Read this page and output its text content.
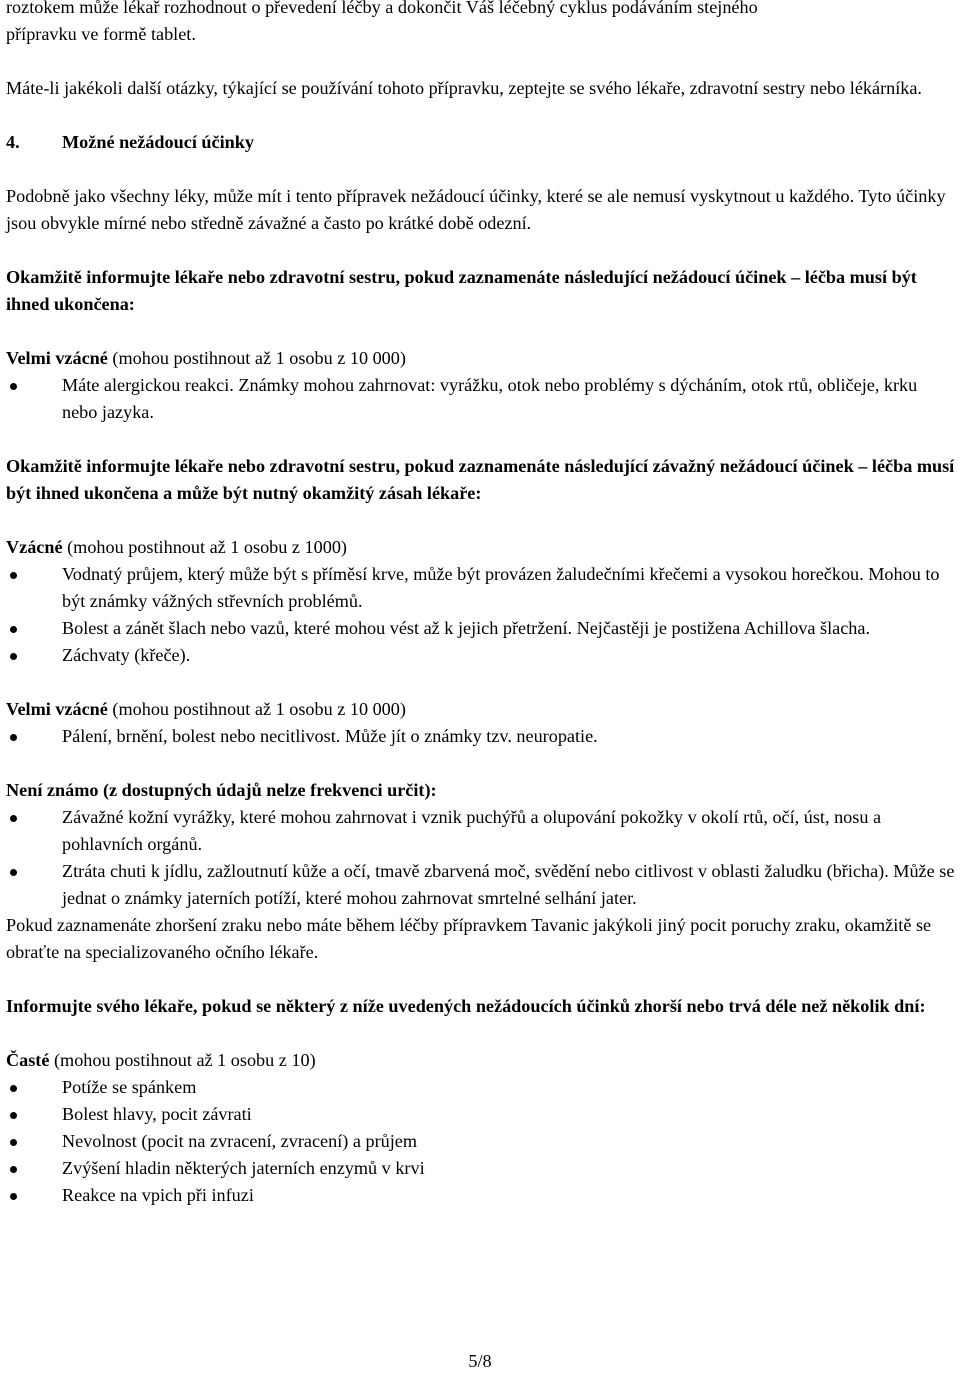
roztokem může lékař rozhodnout o převedení léčby a dokončit Váš léčebný cyklus podáváním stejného

přípravku ve formě tablet.

Máte-li jakékoli další otázky, týkající se používání tohoto přípravku, zeptejte se svého lékaře, zdravotní sestry nebo lékárníka.

4. Možné nežádoucí účinky

Podobně jako všechny léky, může mít i tento přípravek nežádoucí účinky, které se ale nemusí vyskytnout u každého. Tyto účinky jsou obvykle mírné nebo středně závažné a často po krátké době odezní.

Okamžitě informujte lékaře nebo zdravotní sestru, pokud zaznamenáte následující nežádoucí účinek – léčba musí být ihned ukončena:

Velmi vzácné (mohou postihnout až 1 osobu z 10 000)

Máte alergickou reakci. Známky mohou zahrnovat: vyrážku, otok nebo problémy s dýcháním, otok rtů, obličeje, krku nebo jazyka.

Okamžitě informujte lékaře nebo zdravotní sestru, pokud zaznamenáte následující závažný nežádoucí účinek – léčba musí být ihned ukončena a může být nutný okamžitý zásah lékaře:

Vzácné (mohou postihnout až 1 osobu z 1000)

Vodnatý průjem, který může být s příměsí krve, může být provázen žaludečními křečemi a vysokou horečkou. Mohou to být známky vážných střevních problémů.
Bolest a zánět šlach nebo vazů, které mohou vést až k jejich přetržení. Nejčastěji je postižena Achillova šlacha.
Záchvaty (křeče).

Velmi vzácné (mohou postihnout až 1 osobu z 10 000)

Pálení, brnění, bolest nebo necitlivost. Může jít o známky tzv. neuropatie.

Není známo (z dostupných údajů nelze frekvenci určit):

Závažné kožní vyrážky, které mohou zahrnovat i vznik puchýřů a olupování pokožky v okolí rtů, očí, úst, nosu a pohlavních orgánů.
Ztráta chuti k jídlu, zažloutnutí kůže a očí, tmavě zbarvená moč, svědění nebo citlivost v oblasti žaludku (břicha). Může se jednat o známky jaterních potíží, které mohou zahrnovat smrtelné selhání jater.

Pokud zaznamenáte zhoršení zraku nebo máte během léčby přípravkem Tavanic jakýkoli jiný pocit poruchy zraku, okamžitě se obraťte na specializovaného očního lékaře.

Informujte svého lékaře, pokud se některý z níže uvedených nežádoucích účinků zhorší nebo trvá déle než několik dní:

Časté (mohou postihnout až 1 osobu z 10)

Potíže se spánkem
Bolest hlavy, pocit závrati
Nevolnost (pocit na zvracení, zvracení) a průjem
Zvýšení hladin některých jaterních enzymů v krvi
Reakce na vpich při infuzi
5/8
